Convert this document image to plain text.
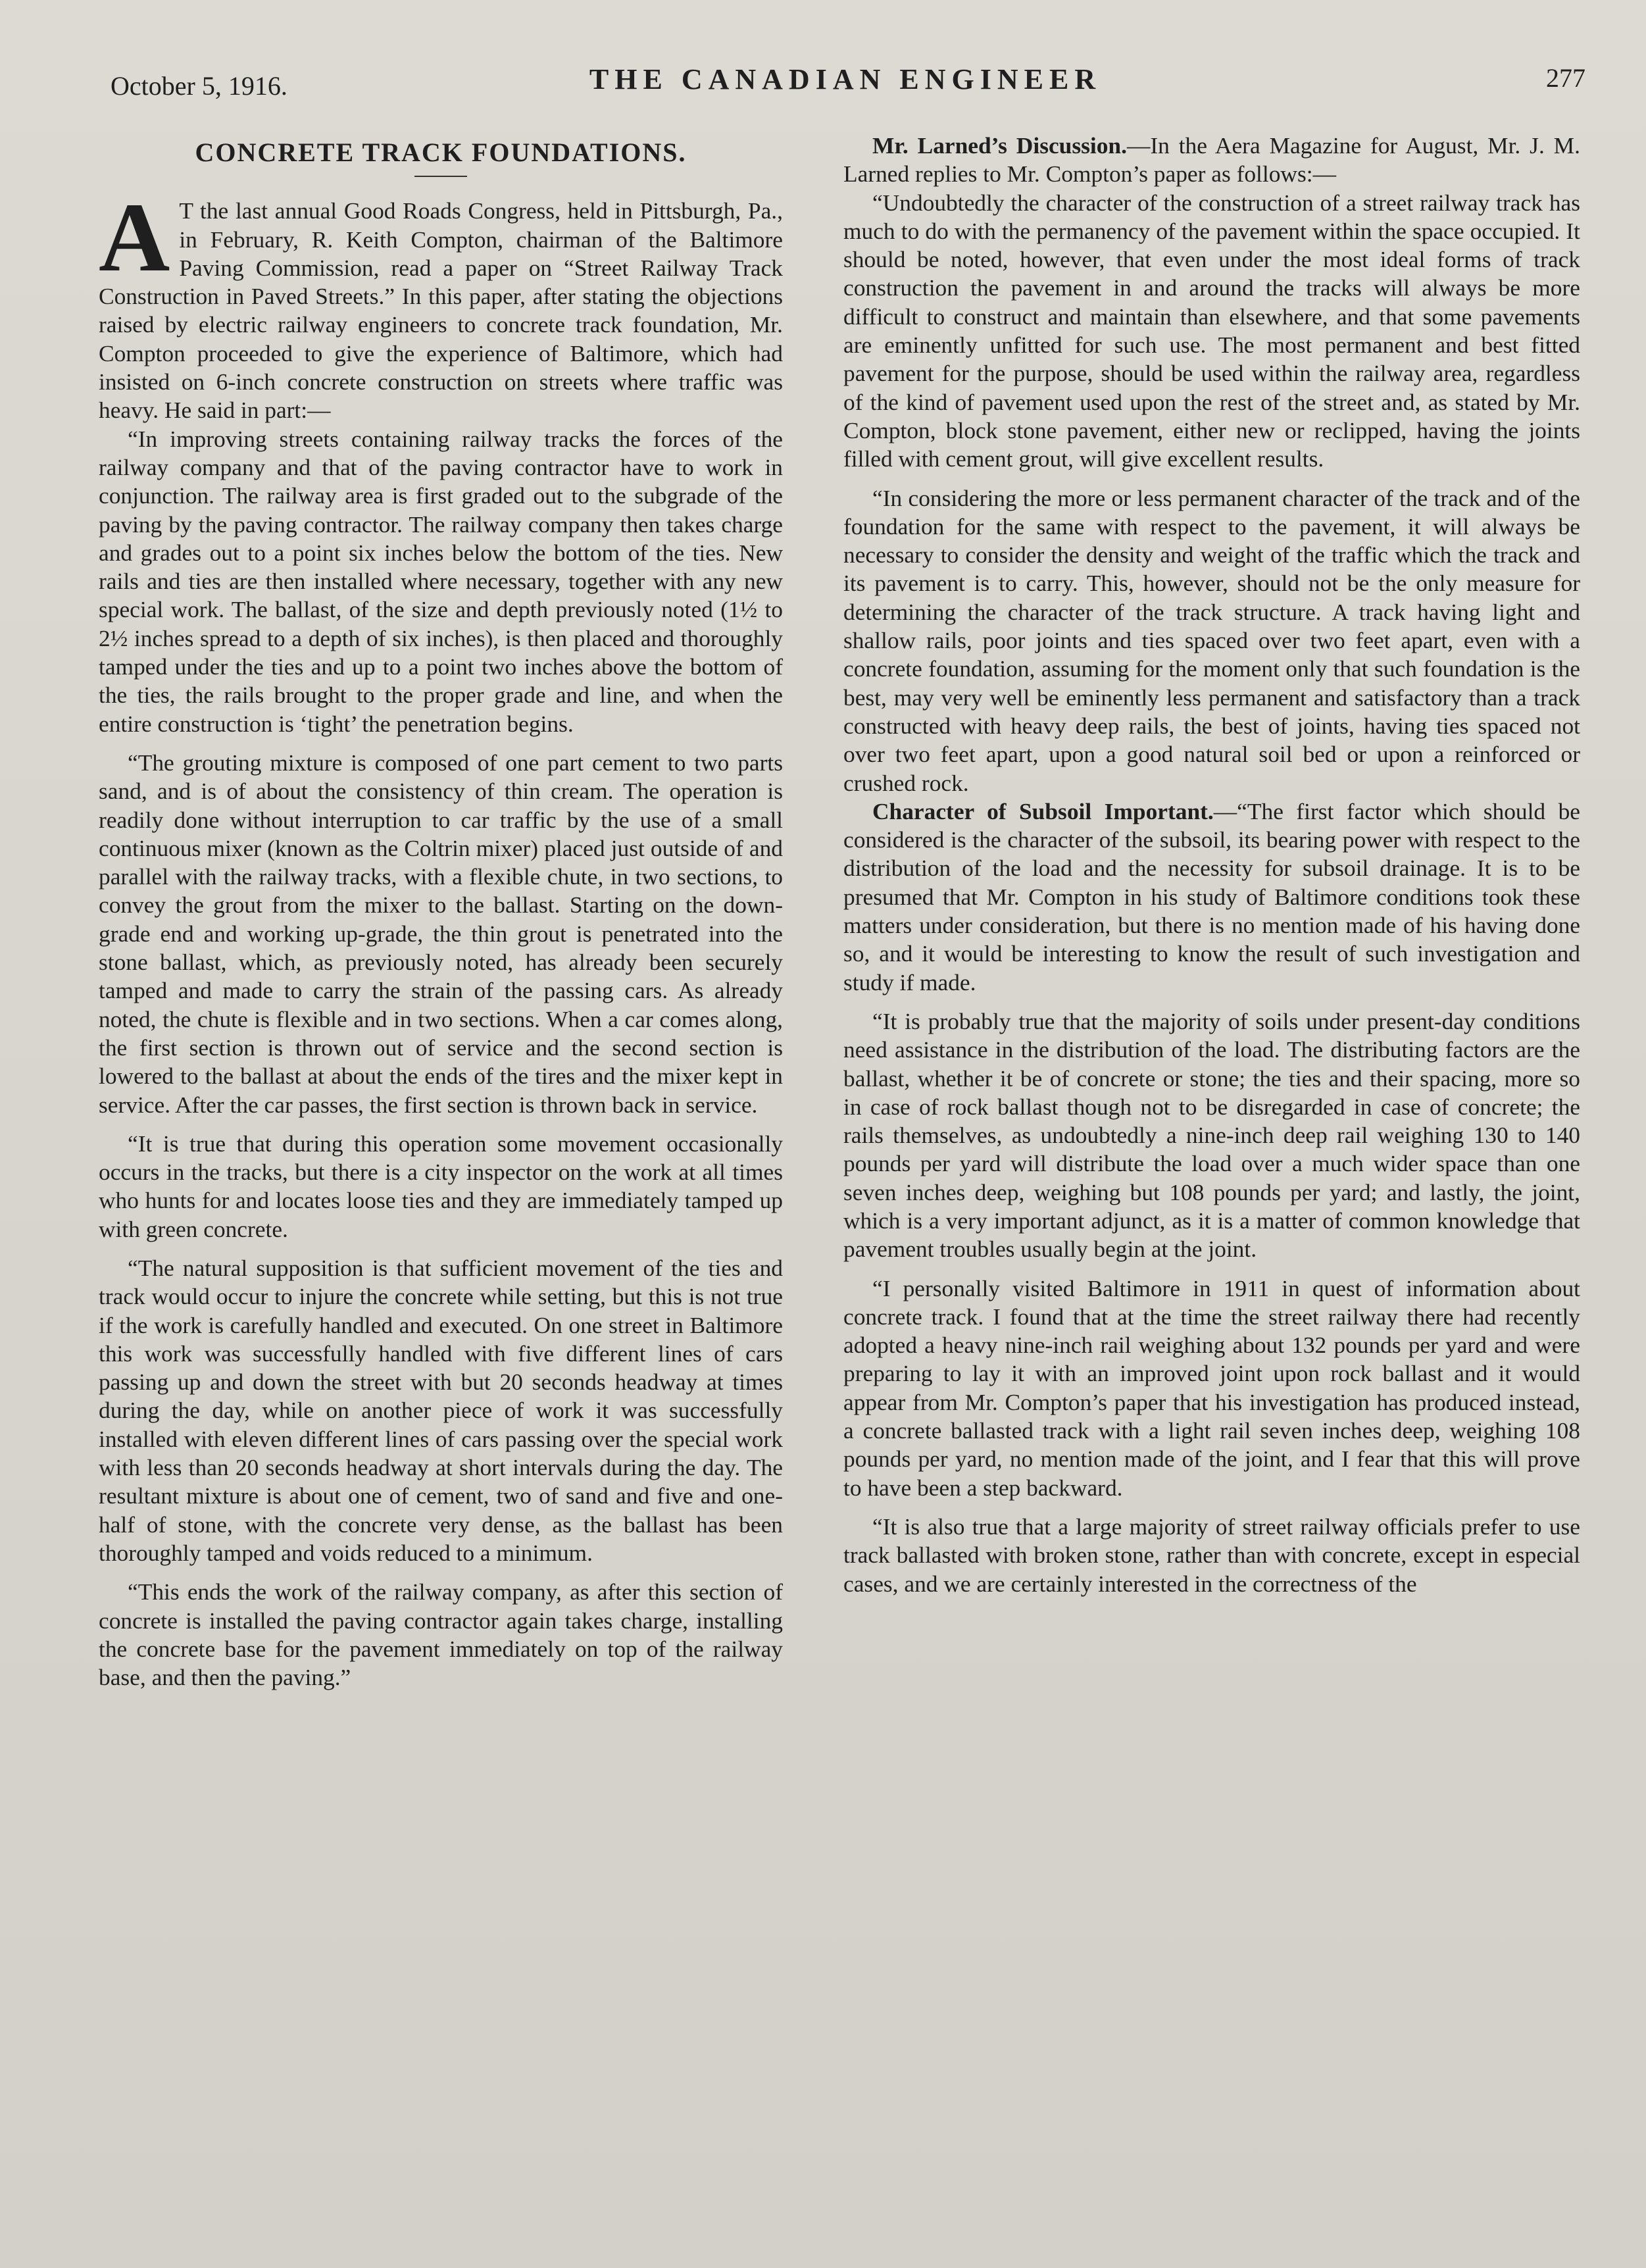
October 5, 1916.	THE CANADIAN ENGINEER	277
CONCRETE TRACK FOUNDATIONS.

A T the last annual Good Roads Congress, held in Pittsburgh, Pa., in February, R. Keith Compton, chairman of the Baltimore Paving Commission, read a paper on “Street Railway Track Construction in Paved Streets.” In this paper, after stating the objections raised by electric railway engineers to concrete track foundation, Mr. Compton proceeded to give the experience of Baltimore, which had insisted on 6-inch concrete construction on streets where traffic was heavy. He said in part:—

“In improving streets containing railway tracks the forces of the railway company and that of the paving contractor have to work in conjunction. The railway area is first graded out to the subgrade of the paving by the paving contractor. The railway company then takes charge and grades out to a point six inches below the bottom of the ties. New rails and ties are then installed where necessary, together with any new special work. The ballast, of the size and depth previously noted (1½ to 2½ inches spread to a depth of six inches), is then placed and thoroughly tamped under the ties and up to a point two inches above the bottom of the ties, the rails brought to the proper grade and line, and when the entire construction is ‘tight’ the penetration begins.

“The grouting mixture is composed of one part cement to two parts sand, and is of about the consistency of thin cream. The operation is readily done without interruption to car traffic by the use of a small continuous mixer (known as the Coltrin mixer) placed just outside of and parallel with the railway tracks, with a flexible chute, in two sections, to convey the grout from the mixer to the ballast. Starting on the down-grade end and working up-grade, the thin grout is penetrated into the stone ballast, which, as previously noted, has already been securely tamped and made to carry the strain of the passing cars. As already noted, the chute is flexible and in two sections. When a car comes along, the first section is thrown out of service and the second section is lowered to the ballast at about the ends of the tires and the mixer kept in service. After the car passes, the first section is thrown back in service.

“It is true that during this operation some movement occasionally occurs in the tracks, but there is a city inspector on the work at all times who hunts for and locates loose ties and they are immediately tamped up with green concrete.

“The natural supposition is that sufficient movement of the ties and track would occur to injure the concrete while setting, but this is not true if the work is carefully handled and executed. On one street in Baltimore this work was successfully handled with five different lines of cars passing up and down the street with but 20 seconds headway at times during the day, while on another piece of work it was successfully installed with eleven different lines of cars passing over the special work with less than 20 seconds headway at short intervals during the day. The resultant mixture is about one of cement, two of sand and five and one-half of stone, with the concrete very dense, as the ballast has been thoroughly tamped and voids reduced to a minimum.

“This ends the work of the railway company, as after this section of concrete is installed the paving contractor again takes charge, installing the concrete base for the pavement immediately on top of the railway base, and then the paving.”

Mr. Larned’s Discussion.—In the Aera Magazine for August, Mr. J. M. Larned replies to Mr. Compton’s paper as follows:—

“Undoubtedly the character of the construction of a street railway track has much to do with the permanency of the pavement within the space occupied. It should be noted, however, that even under the most ideal forms of track construction the pavement in and around the tracks will always be more difficult to construct and maintain than elsewhere, and that some pavements are eminently unfitted for such use. The most permanent and best fitted pavement for the purpose, should be used within the railway area, regardless of the kind of pavement used upon the rest of the street and, as stated by Mr. Compton, block stone pavement, either new or reclipped, having the joints filled with cement grout, will give excellent results.

“In considering the more or less permanent character of the track and of the foundation for the same with respect to the pavement, it will always be necessary to consider the density and weight of the traffic which the track and its pavement is to carry. This, however, should not be the only measure for determining the character of the track structure. A track having light and shallow rails, poor joints and ties spaced over two feet apart, even with a concrete foundation, assuming for the moment only that such foundation is the best, may very well be eminently less permanent and satisfactory than a track constructed with heavy deep rails, the best of joints, having ties spaced not over two feet apart, upon a good natural soil bed or upon a reinforced or crushed rock.

Character of Subsoil Important.—“The first factor which should be considered is the character of the subsoil, its bearing power with respect to the distribution of the load and the necessity for subsoil drainage. It is to be presumed that Mr. Compton in his study of Baltimore conditions took these matters under consideration, but there is no mention made of his having done so, and it would be interesting to know the result of such investigation and study if made.

“It is probably true that the majority of soils under present-day conditions need assistance in the distribution of the load. The distributing factors are the ballast, whether it be of concrete or stone; the ties and their spacing, more so in case of rock ballast though not to be disregarded in case of concrete; the rails themselves, as undoubtedly a nine-inch deep rail weighing 130 to 140 pounds per yard will distribute the load over a much wider space than one seven inches deep, weighing but 108 pounds per yard; and lastly, the joint, which is a very important adjunct, as it is a matter of common knowledge that pavement troubles usually begin at the joint.

“I personally visited Baltimore in 1911 in quest of information about concrete track. I found that at the time the street railway there had recently adopted a heavy nine-inch rail weighing about 132 pounds per yard and were preparing to lay it with an improved joint upon rock ballast and it would appear from Mr. Compton’s paper that his investigation has produced instead, a concrete ballasted track with a light rail seven inches deep, weighing 108 pounds per yard, no mention made of the joint, and I fear that this will prove to have been a step backward.

“It is also true that a large majority of street railway officials prefer to use track ballasted with broken stone, rather than with concrete, except in especial cases, and we are certainly interested in the correctness of the
